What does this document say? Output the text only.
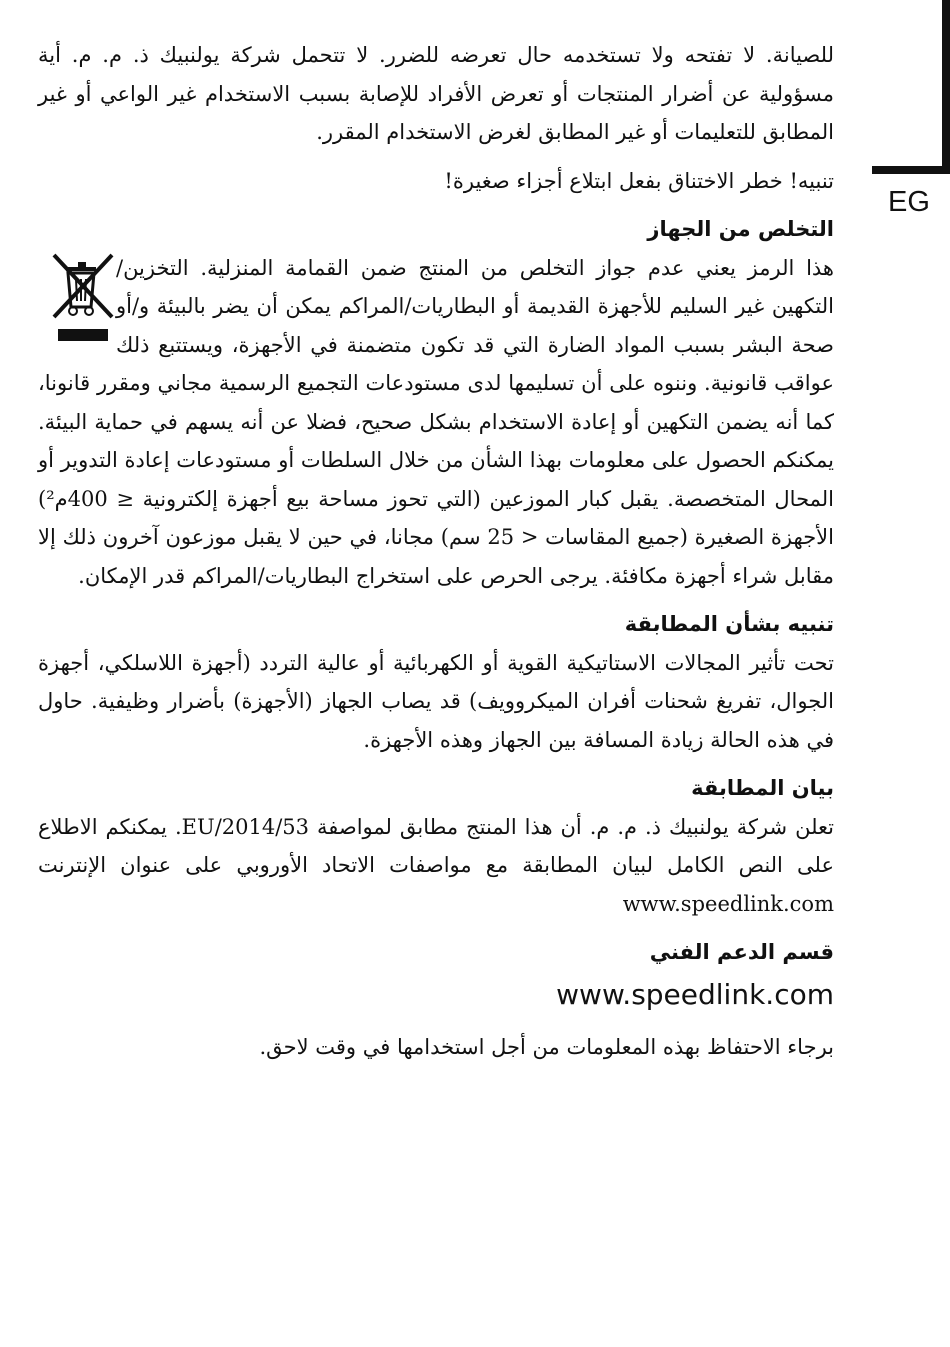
EG

للصيانة. لا تفتحه ولا تستخدمه حال تعرضه للضرر. لا تتحمل شركة يولنبيك ذ. م. م. أية مسؤولية عن أضرار المنتجات أو تعرض الأفراد للإصابة بسبب الاستخدام غير الواعي أو غير المطابق للتعليمات أو غير المطابق لغرض الاستخدام المقرر.

تنبيه! خطر الاختناق بفعل ابتلاع أجزاء صغيرة!

التخلص من الجهاز

هذا الرمز يعني عدم جواز التخلص من المنتج ضمن القمامة المنزلية. التخزين/التكهين غير السليم للأجهزة القديمة أو البطاريات/المراكم يمكن أن يضر بالبيئة و/أو صحة البشر بسبب المواد الضارة التي قد تكون متضمنة في الأجهزة، ويستتبع ذلك عواقب قانونية. وننوه على أن تسليمها لدى مستودعات التجميع الرسمية مجاني ومقرر قانونا، كما أنه يضمن التكهين أو إعادة الاستخدام بشكل صحيح، فضلا عن أنه يسهم في حماية البيئة. يمكنكم الحصول على معلومات بهذا الشأن من خلال السلطات أو مستودعات إعادة التدوير أو المحال المتخصصة. يقبل كبار الموزعين (التي تحوز مساحة بيع أجهزة إلكترونية ≤ 400م²) الأجهزة الصغيرة (جميع المقاسات < 25 سم) مجانا، في حين لا يقبل موزعون آخرون ذلك إلا مقابل شراء أجهزة مكافئة. يرجى الحرص على استخراج البطاريات/المراكم قدر الإمكان.

تنبيه بشأن المطابقة

تحت تأثير المجالات الاستاتيكية القوية أو الكهربائية أو عالية التردد (أجهزة اللاسلكي، أجهزة الجوال، تفريغ شحنات أفران الميكروويف) قد يصاب الجهاز (الأجهزة) بأضرار وظيفية. حاول في هذه الحالة زيادة المسافة بين الجهاز وهذه الأجهزة.

بيان المطابقة

تعلن شركة يولنبيك ذ. م. م. أن هذا المنتج مطابق لمواصفة 2014/53/EU. يمكنكم الاطلاع على النص الكامل لبيان المطابقة مع مواصفات الاتحاد الأوروبي على عنوان الإنترنت www.speedlink.com

قسم الدعم الفني
www.speedlink.com

برجاء الاحتفاظ بهذه المعلومات من أجل استخدامها في وقت لاحق.
